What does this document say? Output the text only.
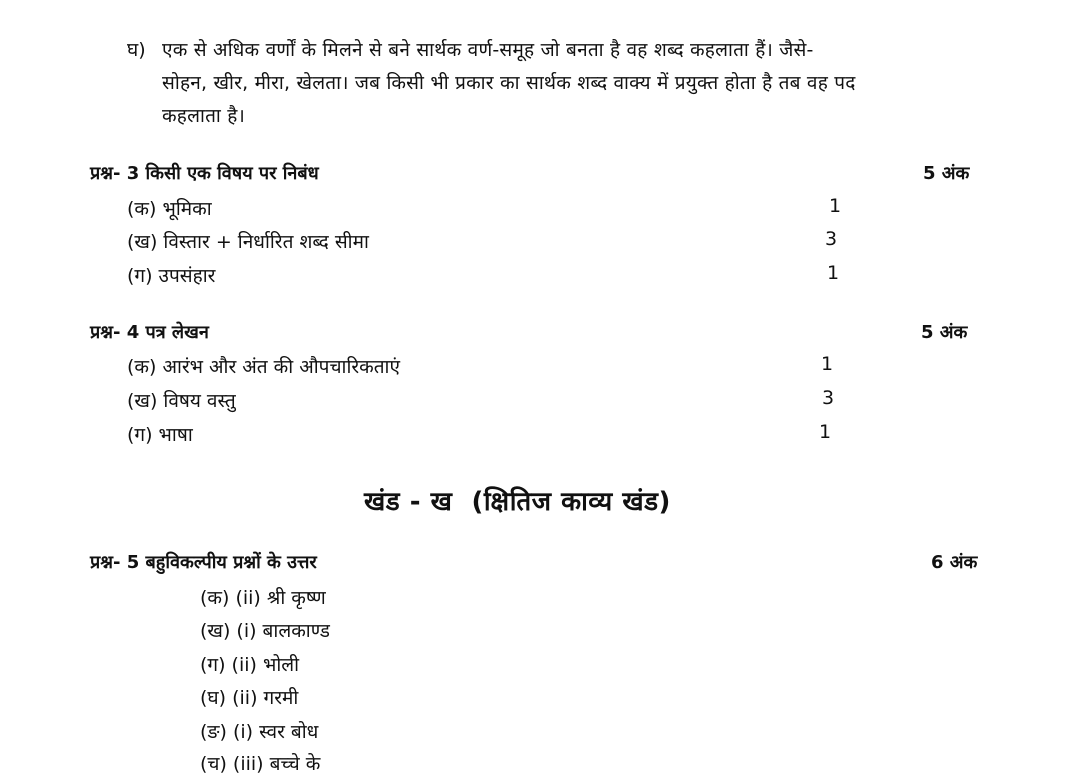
घ) एक से अधिक वर्णों के मिलने से बने सार्थक वर्ण-समूह जो बनता है वह शब्द कहलाता हैं। जैसे-
सोहन, खीर, मीरा, खेलता। जब किसी भी प्रकार का सार्थक शब्द वाक्य में प्रयुक्त होता है तब वह पद
कहलाता है।
प्रश्न- 3 किसी एक विषय पर निबंध	5 अंक
(क) भूमिका	1
(ख) विस्तार + निर्धारित शब्द सीमा	3
(ग) उपसंहार	1
प्रश्न- 4 पत्र लेखन	5 अंक
(क) आरंभ और अंत की औपचारिकताएं	1
(ख) विषय वस्तु	3
(ग) भाषा	1
खंड - ख  (क्षितिज काव्य खंड)
प्रश्न- 5 बहुविकल्पीय प्रश्नों के उत्तर	6 अंक
(क) (ii) श्री कृष्ण
(ख) (i) बालकाण्ड
(ग) (ii) भोली
(घ) (ii) गरमी
(ङ) (i) स्वर बोध
(च) (iii) बच्चे के
